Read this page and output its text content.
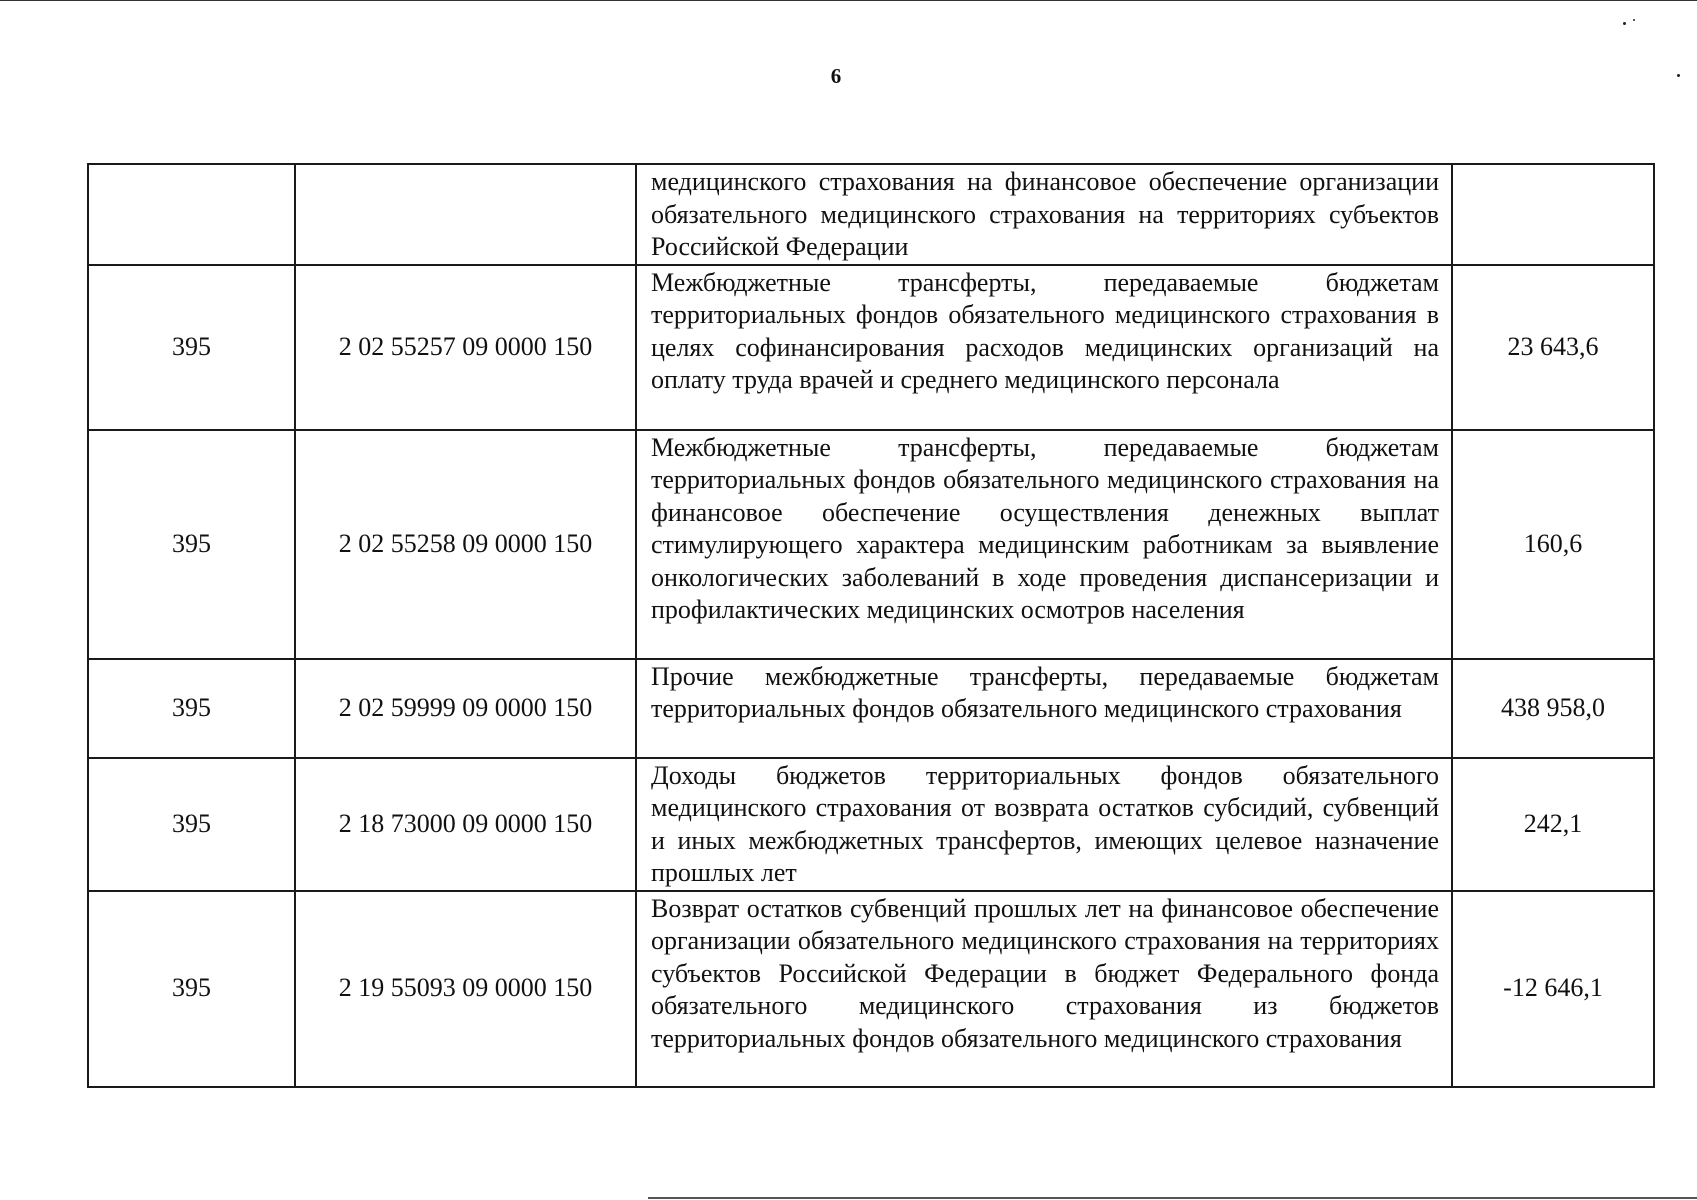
6
		медицинского страхования на финансовое обеспечение организации обязательного медицинского страхования на территориях субъектов Российской Федерации	
395	2 02 55257 09 0000 150	Межбюджетные трансферты, передаваемые бюджетам территориальных фондов обязательного медицинского страхования в целях софинансирования расходов медицинских организаций на оплату труда врачей и среднего медицинского персонала	23 643,6
395	2 02 55258 09 0000 150	Межбюджетные трансферты, передаваемые бюджетам территориальных фондов обязательного медицинского страхования на финансовое обеспечение осуществления денежных выплат стимулирующего характера медицинским работникам за выявление онкологических заболеваний в ходе проведения диспансеризации и профилактических медицинских осмотров населения	160,6
395	2 02 59999 09 0000 150	Прочие межбюджетные трансферты, передаваемые бюджетам территориальных фондов обязательного медицинского страхования	438 958,0
395	2 18 73000 09 0000 150	Доходы бюджетов территориальных фондов обязательного медицинского страхования от возврата остатков субсидий, субвенций и иных межбюджетных трансфертов, имеющих целевое назначение прошлых лет	242,1
395	2 19 55093 09 0000 150	Возврат остатков субвенций прошлых лет на финансовое обеспечение организации обязательного медицинского страхования на территориях субъектов Российской Федерации в бюджет Федерального фонда обязательного медицинского страхования из бюджетов территориальных фондов обязательного медицинского страхования	-12 646,1
